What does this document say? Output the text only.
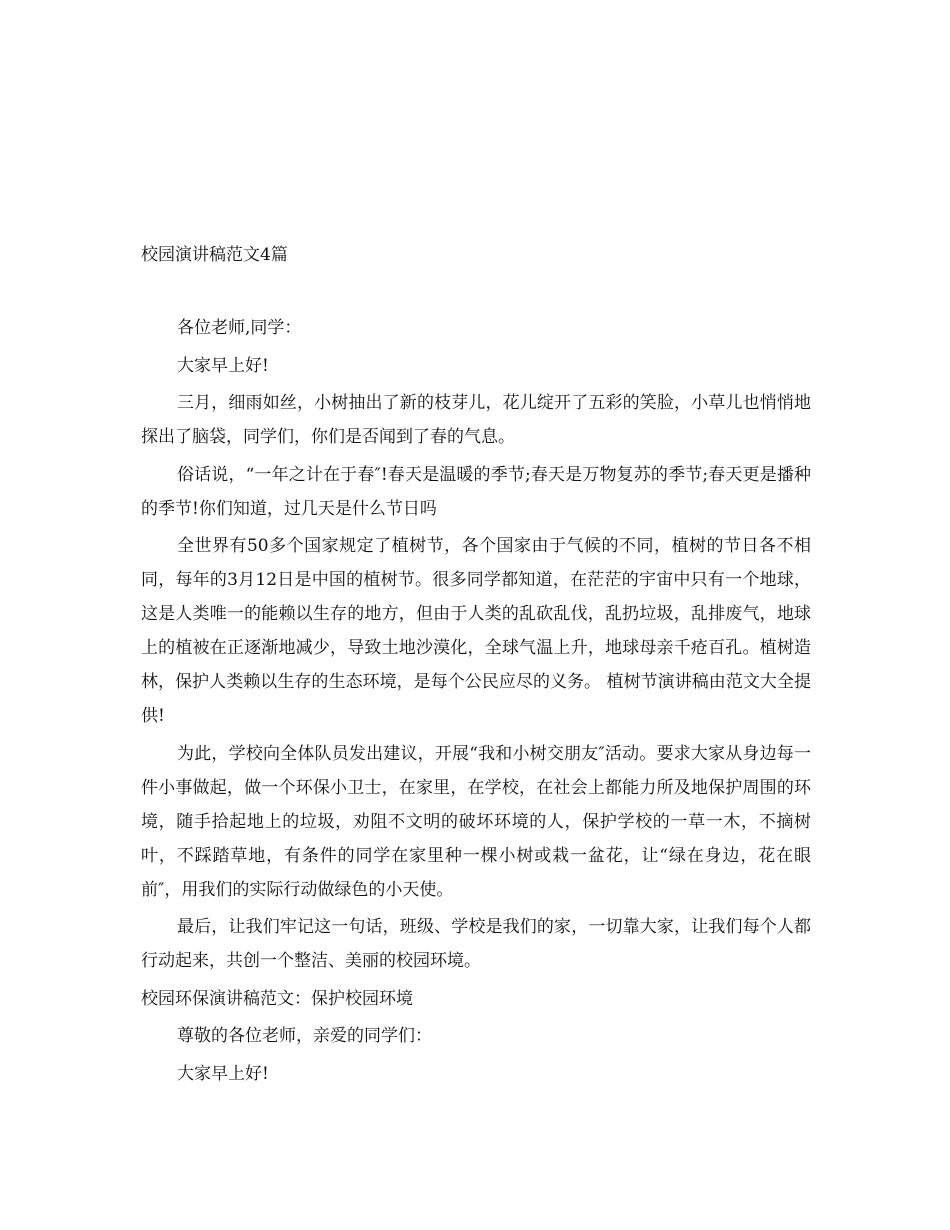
校园演讲稿范文4篇

各位老师,同学：

大家早上好!

三月，细雨如丝，小树抽出了新的枝芽儿，花儿绽开了五彩的笑脸，小草儿也悄悄地探出了脑袋，同学们，你们是否闻到了春的气息。

俗话说，“一年之计在于春″!春天是温暖的季节;春天是万物复苏的季节;春天更是播种的季节!你们知道，过几天是什么节日吗

全世界有50多个国家规定了植树节，各个国家由于气候的不同，植树的节日各不相同，每年的3月12日是中国的植树节。很多同学都知道，在茫茫的宇宙中只有一个地球，这是人类唯一的能赖以生存的地方，但由于人类的乱砍乱伐，乱扔垃圾，乱排废气，地球上的植被在正逐渐地减少，导致土地沙漠化，全球气温上升，地球母亲千疮百孔。植树造林，保护人类赖以生存的生态环境，是每个公民应尽的义务。 植树节演讲稿由范文大全提供!

为此，学校向全体队员发出建议，开展“我和小树交朋友″活动。要求大家从身边每一件小事做起，做一个环保小卫士，在家里，在学校，在社会上都能力所及地保护周围的环境，随手拾起地上的垃圾，劝阻不文明的破坏环境的人，保护学校的一草一木，不摘树叶，不踩踏草地，有条件的同学在家里种一棵小树或栽一盆花，让“绿在身边，花在眼前″，用我们的实际行动做绿色的小天使。

最后，让我们牢记这一句话，班级、学校是我们的家，一切靠大家，让我们每个人都行动起来，共创一个整洁、美丽的校园环境。

校园环保演讲稿范文：保护校园环境

尊敬的各位老师，亲爱的同学们：

大家早上好!
